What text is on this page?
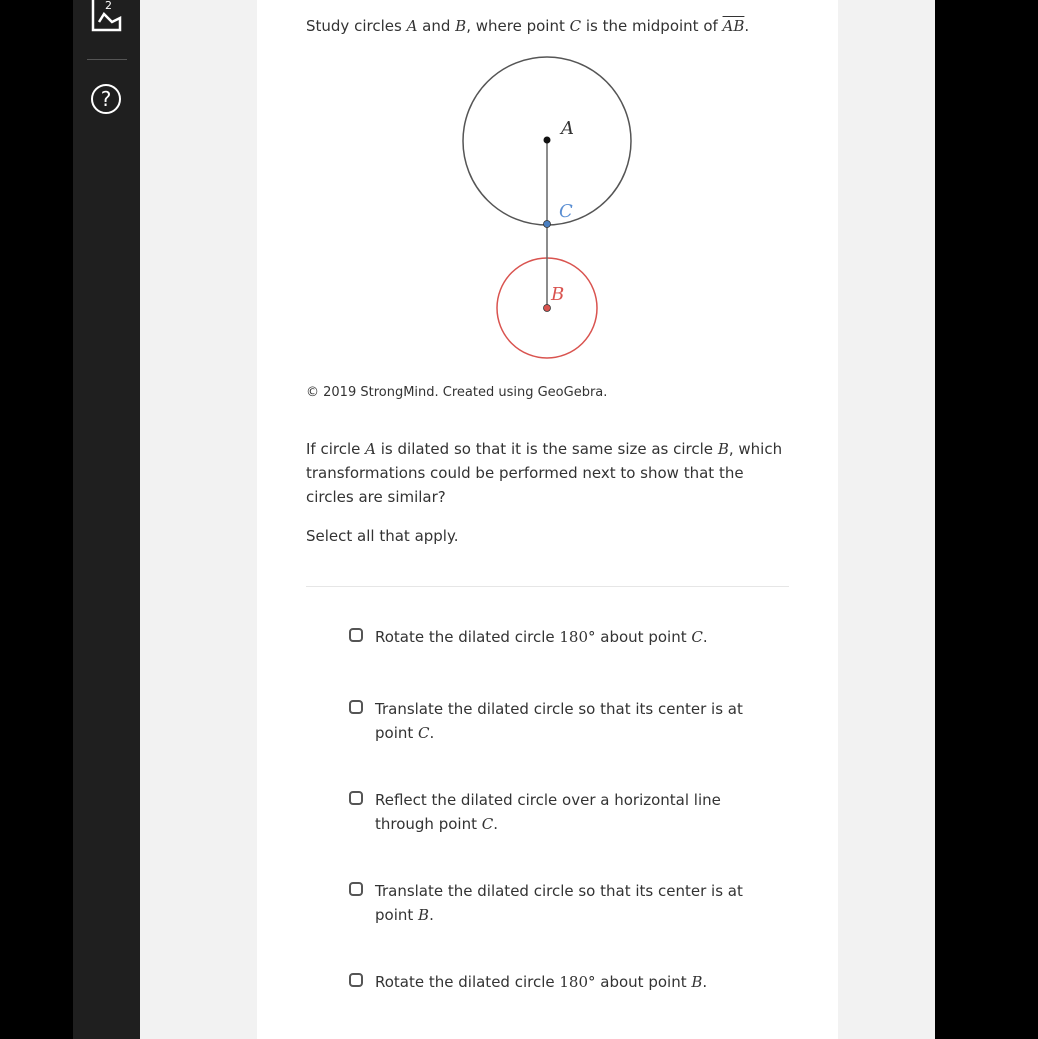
2
?
Study circles A and B, where point C is the midpoint of $\overline{AB}$.
A
C
B
© 2019 StrongMind. Created using GeoGebra.
If circle A is dilated so that it is the same size as circle B, which transformations could be performed next to show that the circles are similar?
Select all that apply.
Rotate the dilated circle 180° about point C.
Translate the dilated circle so that its center is at point C.
Reflect the dilated circle over a horizontal line through point C.
Translate the dilated circle so that its center is at point B.
Rotate the dilated circle 180° about point B.
